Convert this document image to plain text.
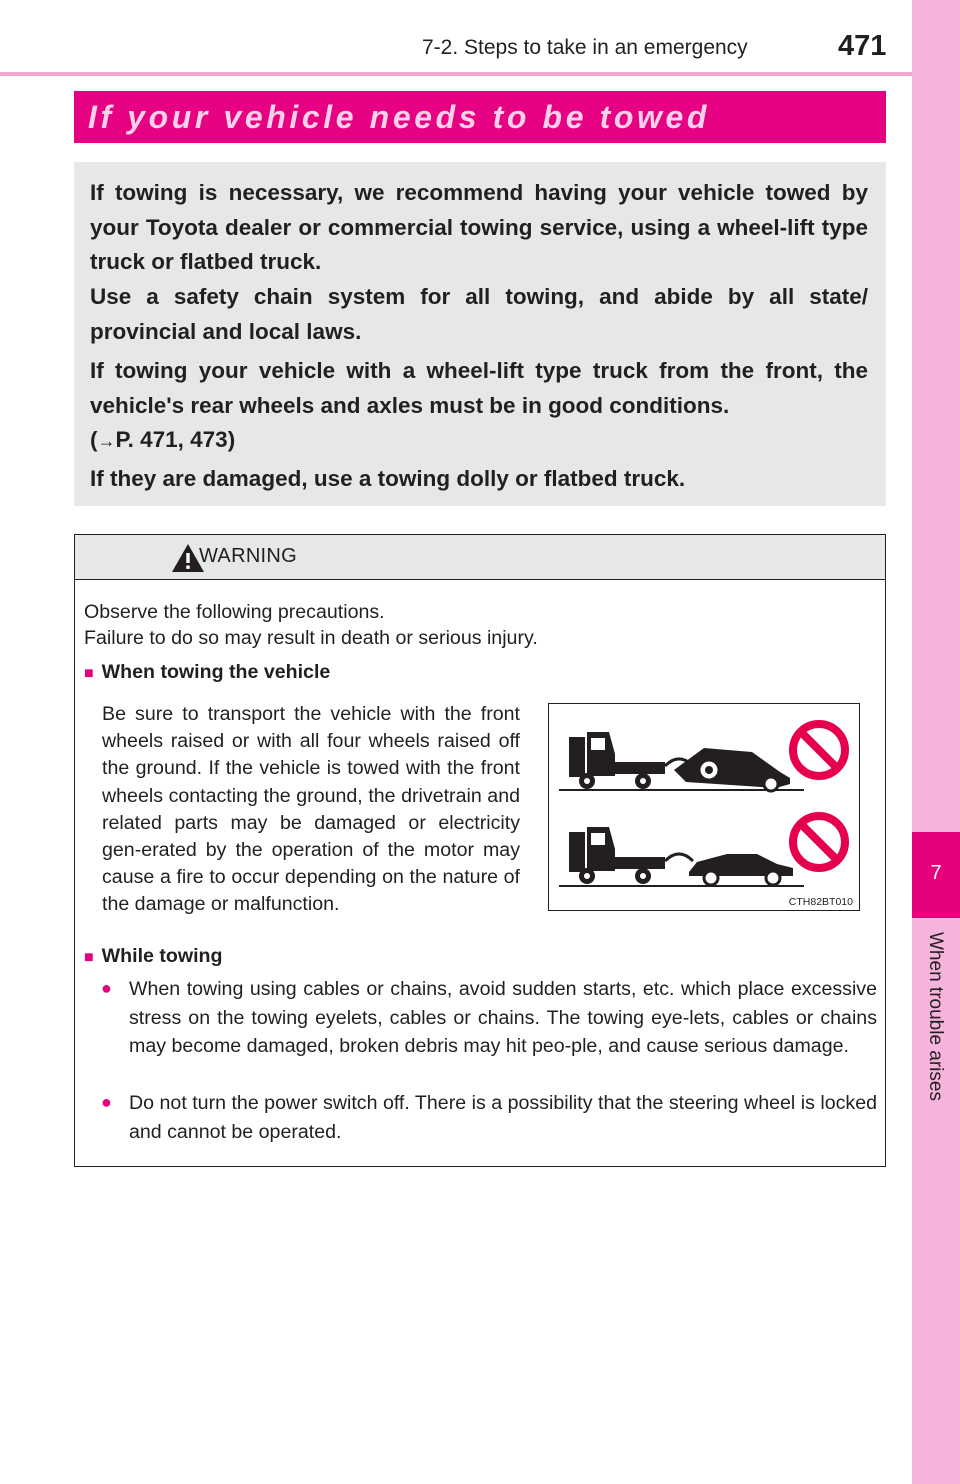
7-2. Steps to take in an emergency	471
7
When trouble arises
If your vehicle needs to be towed
If towing is necessary, we recommend having your vehicle towed by your Toyota dealer or commercial towing service, using a wheel-lift type truck or flatbed truck.
Use a safety chain system for all towing, and abide by all state/ provincial and local laws.
If towing your vehicle with a wheel-lift type truck from the front, the vehicle's rear wheels and axles must be in good conditions.
(→P. 471, 473)
If they are damaged, use a towing dolly or flatbed truck.
WARNING
Observe the following precautions.
Failure to do so may result in death or serious injury.
■ When towing the vehicle
Be sure to transport the vehicle with the front wheels raised or with all four wheels raised off the ground. If the vehicle is towed with the front wheels contacting the ground, the drivetrain and related parts may be damaged or electricity gen-erated by the operation of the motor may cause a fire to occur depending on the nature of the damage or malfunction.
■ While towing
● When towing using cables or chains, avoid sudden starts, etc. which place excessive stress on the towing eyelets, cables or chains. The towing eye-lets, cables or chains may become damaged, broken debris may hit peo-ple, and cause serious damage.
● Do not turn the power switch off. There is a possibility that the steering wheel is locked and cannot be operated.
CTH82BT010
